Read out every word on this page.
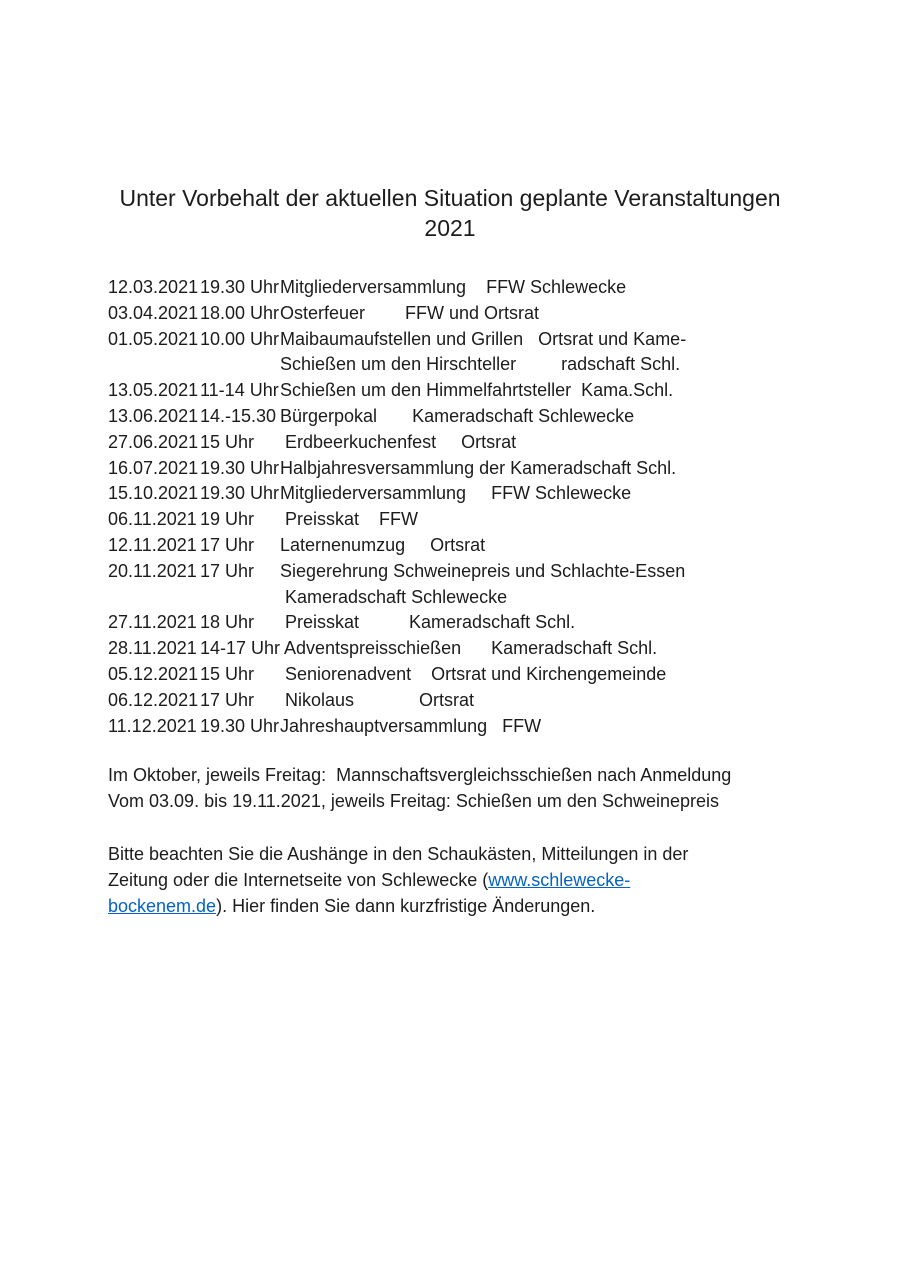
Unter Vorbehalt der aktuellen Situation geplante Veranstaltungen
2021
12.03.2021 19.30 Uhr Mitgliederversammlung    FFW Schlewecke
03.04.2021 18.00 Uhr Osterfeuer        FFW und Ortsrat
01.05.2021 10.00 Uhr Maibaumaufstellen und Grillen   Ortsrat und Kame-
Schießen um den Hirschteller         radschaft Schl.
13.05.2021 11-14 Uhr Schießen um den Himmelfahrtsteller  Kama.Schl.
13.06.2021 14.-15.30 Bürgerpokal       Kameradschaft Schlewecke
27.06.2021 15 Uhr	Erdbeerkuchenfest     Ortsrat
16.07.2021 19.30 Uhr Halbjahresversammlung der Kameradschaft Schl.
15.10.2021 19.30 Uhr Mitgliederversammlung     FFW Schlewecke
06.11.2021 19 Uhr	Preisskat    FFW
12.11.2021 17 Uhr	Laternenumzug     Ortsrat
20.11.2021 17 Uhr	Siegerehrung Schweinepreis und Schlachte-Essen
Kameradschaft Schlewecke
27.11.2021 18 Uhr	Preisskat          Kameradschaft Schl.
28.11.2021 14-17 Uhr Adventspreisschießen      Kameradschaft Schl.
05.12.2021 15 Uhr	Seniorenadvent    Ortsrat und Kirchengemeinde
06.12.2021 17 Uhr	Nikolaus             Ortsrat
11.12.2021 19.30 Uhr Jahreshauptversammlung   FFW
Im Oktober, jeweils Freitag:  Mannschaftsvergleichsschießen nach Anmeldung
Vom 03.09. bis 19.11.2021, jeweils Freitag: Schießen um den Schweinepreis
Bitte beachten Sie die Aushänge in den Schaukästen, Mitteilungen in der
Zeitung oder die Internetseite von Schlewecke (www.schlewecke-
bockenem.de). Hier finden Sie dann kurzfristige Änderungen.
